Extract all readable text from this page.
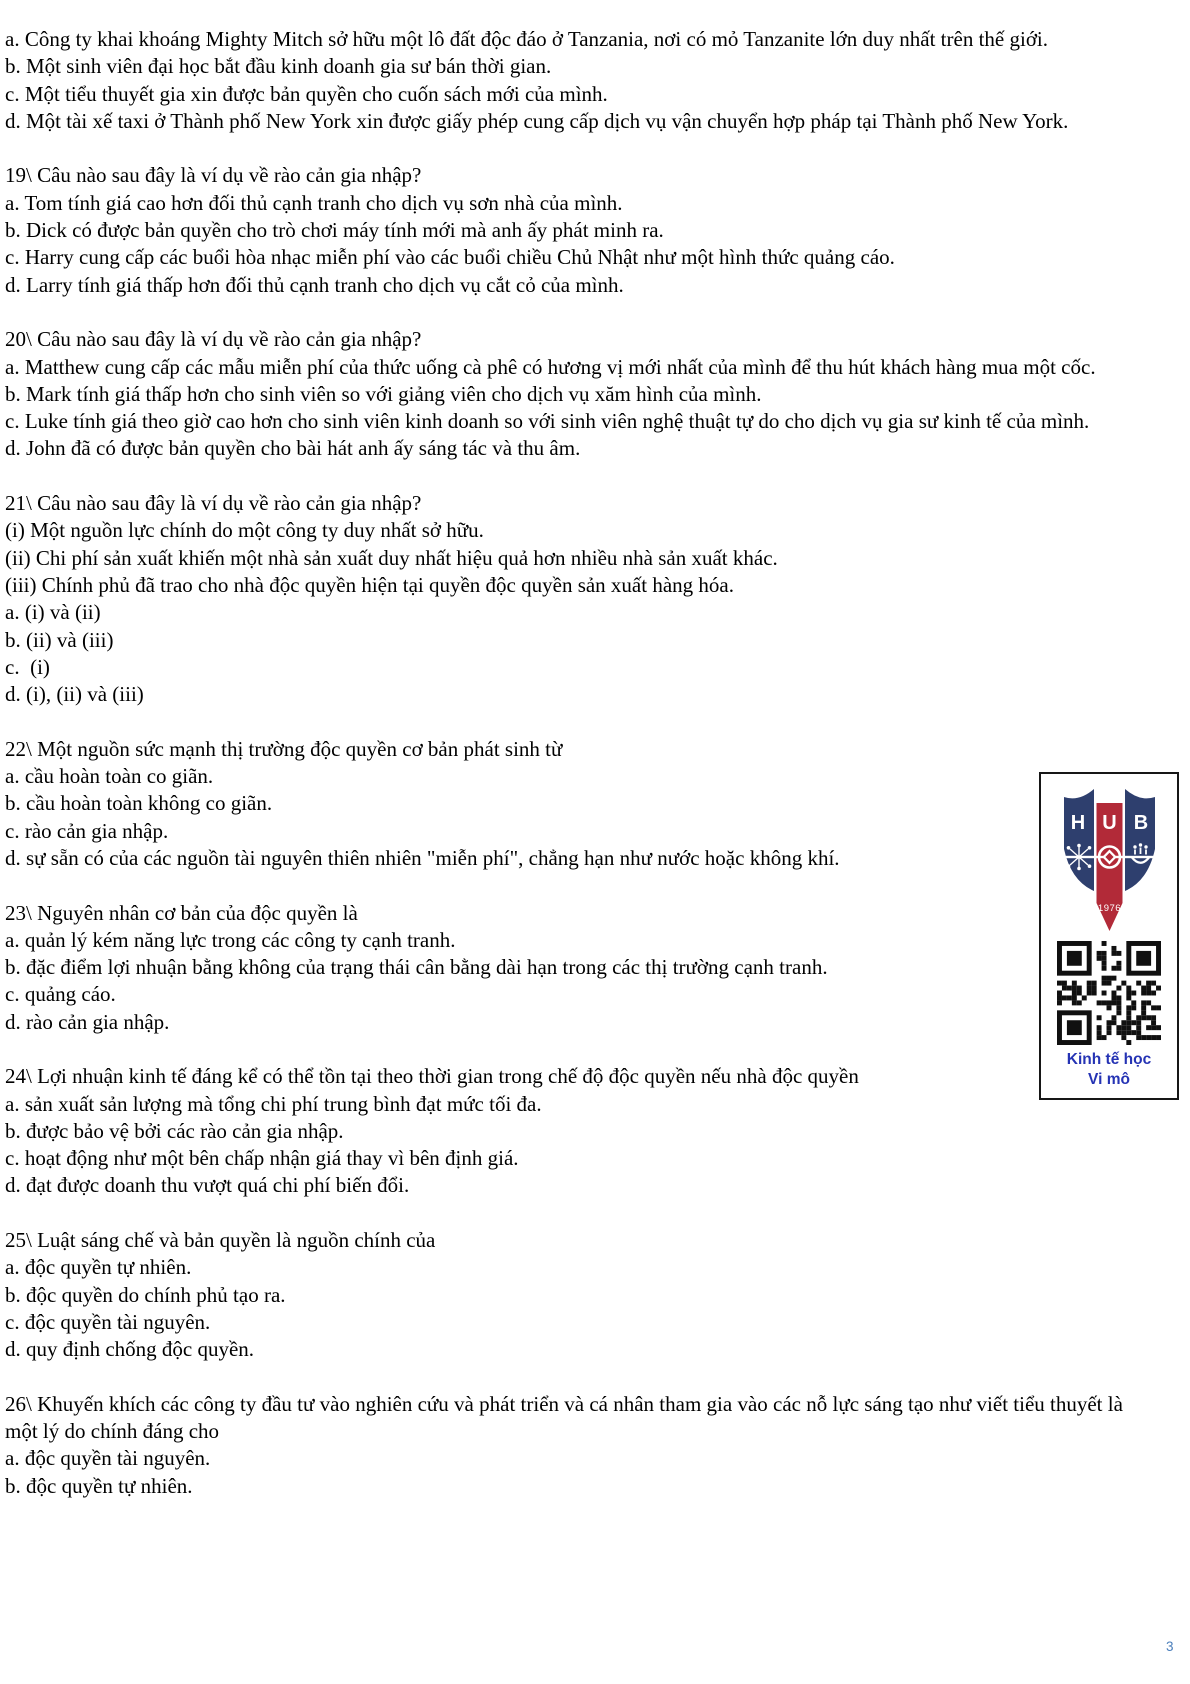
a. Công ty khai khoáng Mighty Mitch sở hữu một lô đất độc đáo ở Tanzania, nơi có mỏ Tanzanite lớn duy nhất trên thế giới.

b. Một sinh viên đại học bắt đầu kinh doanh gia sư bán thời gian.

c. Một tiểu thuyết gia xin được bản quyền cho cuốn sách mới của mình.

d. Một tài xế taxi ở Thành phố New York xin được giấy phép cung cấp dịch vụ vận chuyển hợp pháp tại Thành phố New York.

19\ Câu nào sau đây là ví dụ về rào cản gia nhập?

a. Tom tính giá cao hơn đối thủ cạnh tranh cho dịch vụ sơn nhà của mình.

b. Dick có được bản quyền cho trò chơi máy tính mới mà anh ấy phát minh ra.

c. Harry cung cấp các buổi hòa nhạc miễn phí vào các buổi chiều Chủ Nhật như một hình thức quảng cáo.

d. Larry tính giá thấp hơn đối thủ cạnh tranh cho dịch vụ cắt cỏ của mình.

20\ Câu nào sau đây là ví dụ về rào cản gia nhập?

a. Matthew cung cấp các mẫu miễn phí của thức uống cà phê có hương vị mới nhất của mình để thu hút khách hàng mua một cốc.

b. Mark tính giá thấp hơn cho sinh viên so với giảng viên cho dịch vụ xăm hình của mình.

c. Luke tính giá theo giờ cao hơn cho sinh viên kinh doanh so với sinh viên nghệ thuật tự do cho dịch vụ gia sư kinh tế của mình.

d. John đã có được bản quyền cho bài hát anh ấy sáng tác và thu âm.

21\ Câu nào sau đây là ví dụ về rào cản gia nhập?

(i) Một nguồn lực chính do một công ty duy nhất sở hữu.

(ii) Chi phí sản xuất khiến một nhà sản xuất duy nhất hiệu quả hơn nhiều nhà sản xuất khác.

(iii) Chính phủ đã trao cho nhà độc quyền hiện tại quyền độc quyền sản xuất hàng hóa.

a. (i) và (ii)

b. (ii) và (iii)

c.  (i)

d. (i), (ii) và (iii)

22\ Một nguồn sức mạnh thị trường độc quyền cơ bản phát sinh từ

a. cầu hoàn toàn co giãn.

b. cầu hoàn toàn không co giãn.

c. rào cản gia nhập.

d. sự sẵn có của các nguồn tài nguyên thiên nhiên "miễn phí", chẳng hạn như nước hoặc không khí.

23\ Nguyên nhân cơ bản của độc quyền là

a. quản lý kém năng lực trong các công ty cạnh tranh.

b. đặc điểm lợi nhuận bằng không của trạng thái cân bằng dài hạn trong các thị trường cạnh tranh.

c. quảng cáo.

d. rào cản gia nhập.

24\ Lợi nhuận kinh tế đáng kể có thể tồn tại theo thời gian trong chế độ độc quyền nếu nhà độc quyền

a. sản xuất sản lượng mà tổng chi phí trung bình đạt mức tối đa.

b. được bảo vệ bởi các rào cản gia nhập.

c. hoạt động như một bên chấp nhận giá thay vì bên định giá.

d. đạt được doanh thu vượt quá chi phí biến đổi.

25\ Luật sáng chế và bản quyền là nguồn chính của

a. độc quyền tự nhiên.

b. độc quyền do chính phủ tạo ra.

c. độc quyền tài nguyên.

d. quy định chống độc quyền.

26\ Khuyến khích các công ty đầu tư vào nghiên cứu và phát triển và cá nhân tham gia vào các nỗ lực sáng tạo như viết tiểu thuyết là một lý do chính đáng cho

a. độc quyền tài nguyên.

b. độc quyền tự nhiên.

H U B
1976
Kinh tế học
Vi mô
3
